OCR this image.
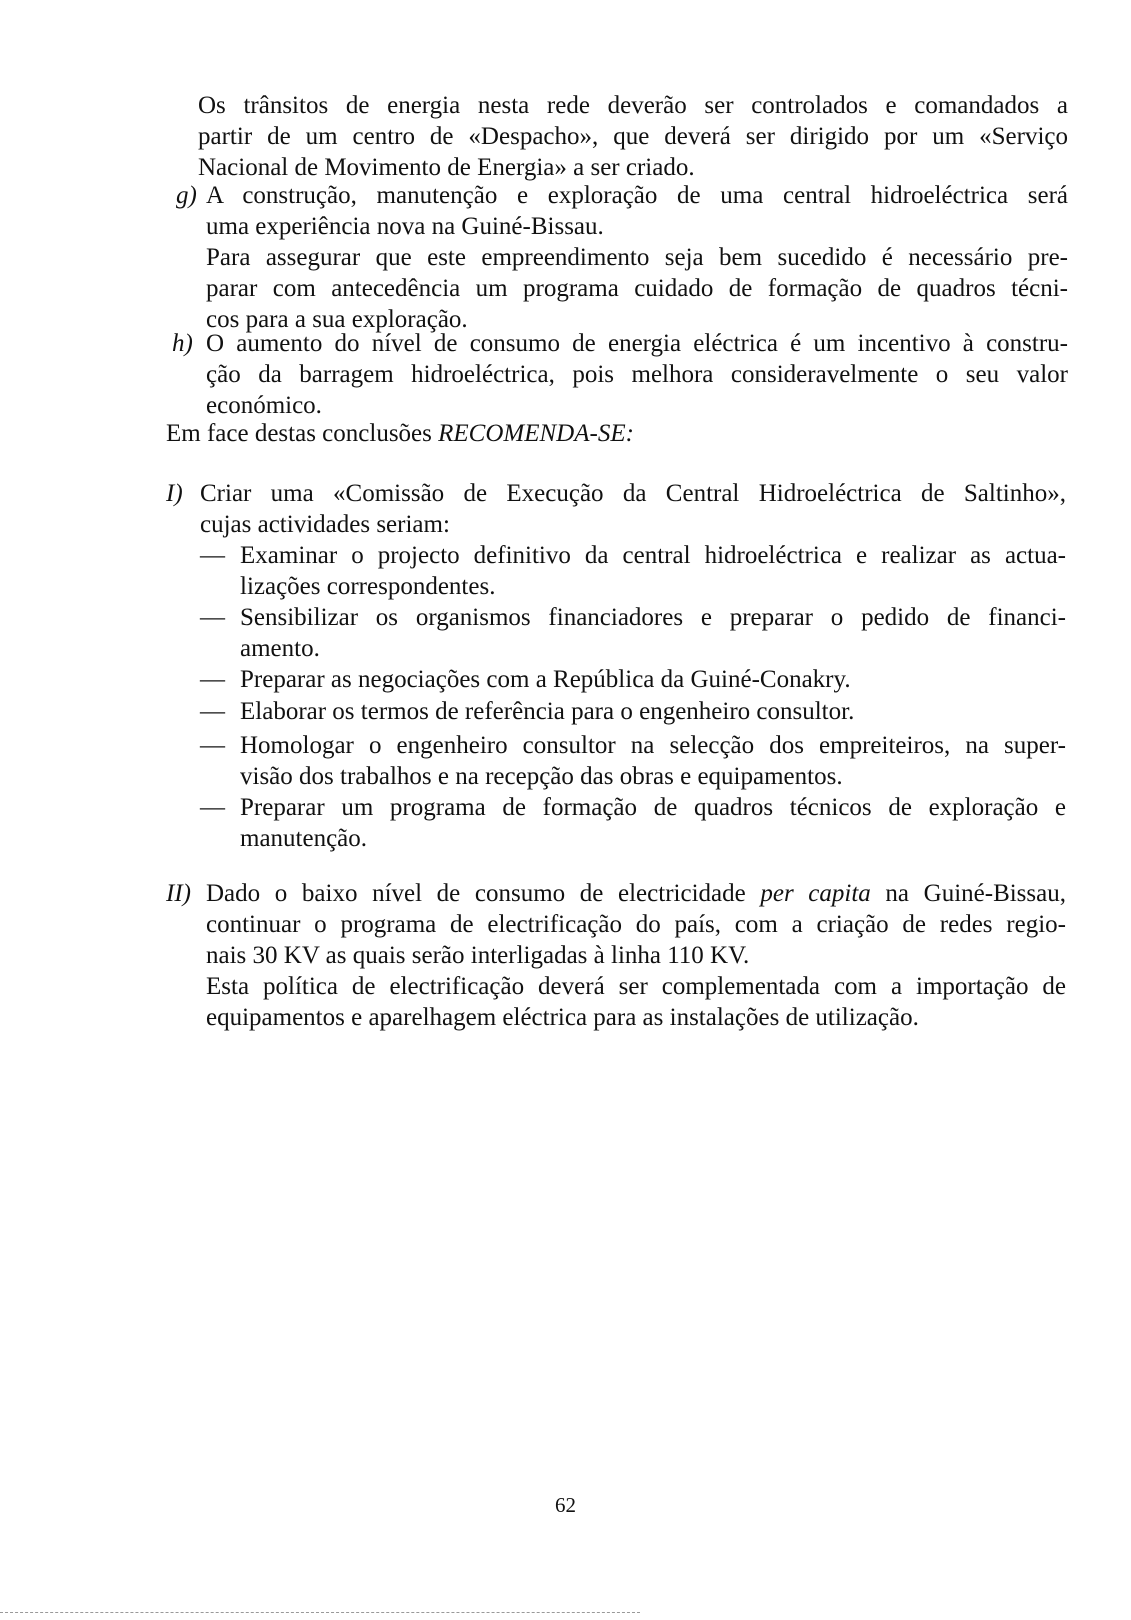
Os trânsitos de energia nesta rede deverão ser controlados e comandados a
partir de um centro de «Despacho», que deverá ser dirigido por um «Serviço
Nacional de Movimento de Energia» a ser criado.
g) A construção, manutenção e exploração de uma central hidroeléctrica será
uma experiência nova na Guiné-Bissau.
Para assegurar que este empreendimento seja bem sucedido é necessário pre-
parar com antecedência um programa cuidado de formação de quadros técni-
cos para a sua exploração.
h) O aumento do nível de consumo de energia eléctrica é um incentivo à constru-
ção da barragem hidroeléctrica, pois melhora consideravelmente o seu valor
económico.
Em face destas conclusões RECOMENDA-SE:
I) Criar uma «Comissão de Execução da Central Hidroeléctrica de Saltinho»,
cujas actividades seriam:
— Examinar o projecto definitivo da central hidroeléctrica e realizar as actua-
lizações correspondentes.
— Sensibilizar os organismos financiadores e preparar o pedido de financi-
amento.
— Preparar as negociações com a República da Guiné-Conakry.
— Elaborar os termos de referência para o engenheiro consultor.
— Homologar o engenheiro consultor na selecção dos empreiteiros, na super-
visão dos trabalhos e na recepção das obras e equipamentos.
— Preparar um programa de formação de quadros técnicos de exploração e
manutenção.
II) Dado o baixo nível de consumo de electricidade per capita na Guiné-Bissau,
continuar o programa de electrificação do país, com a criação de redes regio-
nais 30 KV as quais serão interligadas à linha 110 KV.
Esta política de electrificação deverá ser complementada com a importação de
equipamentos e aparelhagem eléctrica para as instalações de utilização.
62
